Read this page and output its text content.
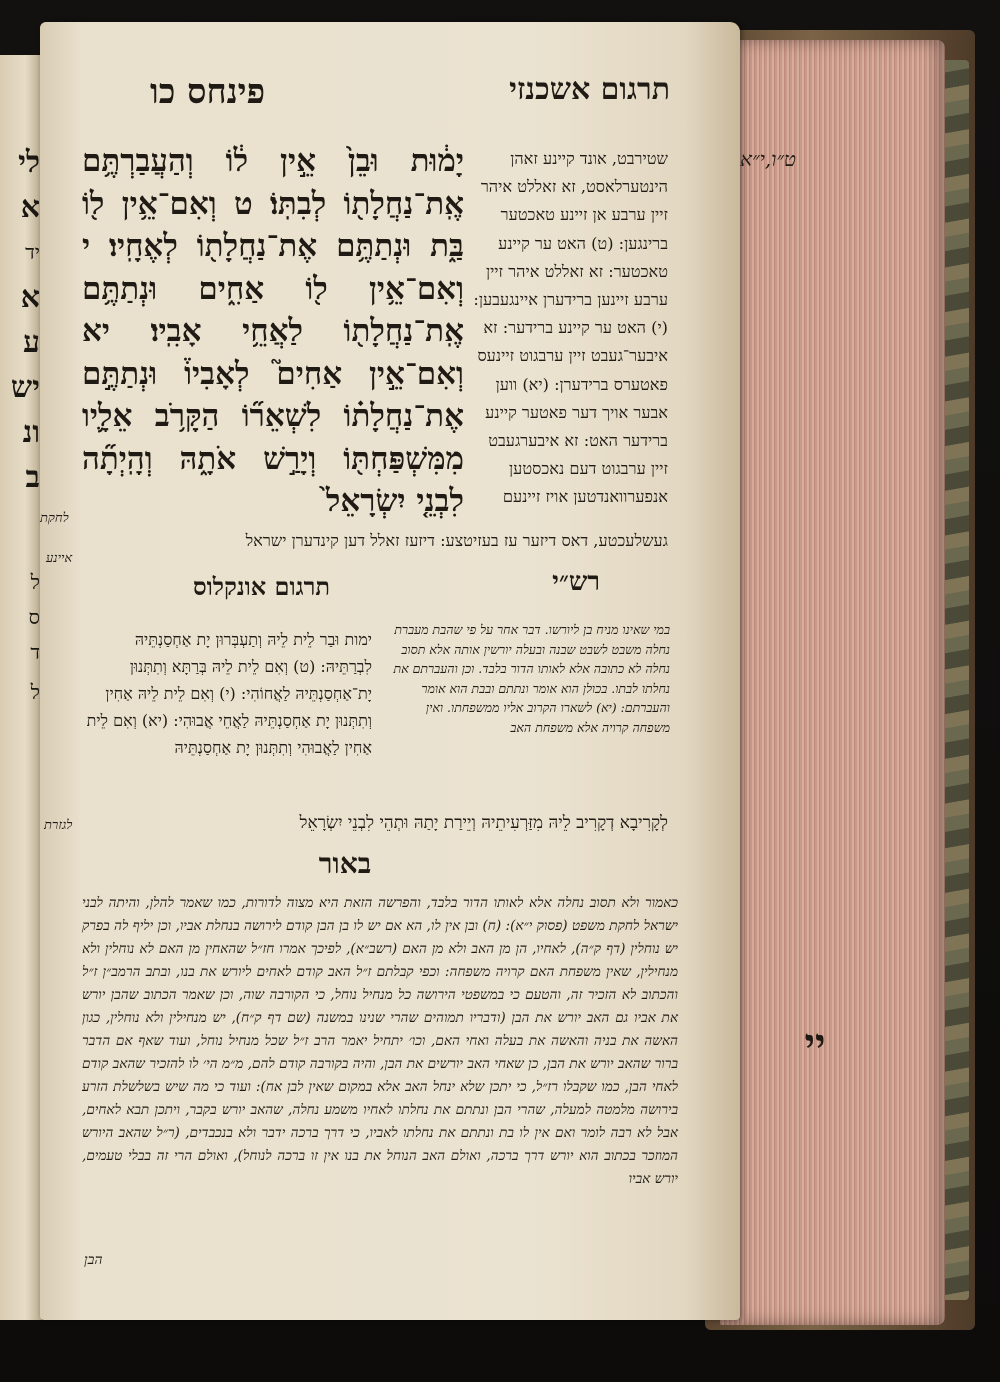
יי
לי
א
יד
א
ע
יש
ונ
ב
ל
ס
ד
ל
תרגום אשכנזי
פינחס כו
ט״ו,י״א
יָמ֔וּת וּבֵן֙ אֵ֣ין ל֔וֹ וְהַעֲבַרְתֶּ֥ם אֶֽת־נַחֲלָת֖וֹ לְבִתּֽוֹ׃ ט וְאִם־אֵ֥ין ל֖וֹ בַּ֑ת וּנְתַתֶּ֥ם אֶת־נַחֲלָת֖וֹ לְאֶחָֽיו׃ י וְאִם־אֵ֥ין ל֖וֹ אַחִ֑ים וּנְתַתֶּ֥ם אֶֽת־נַחֲלָת֖וֹ לַאֲחֵ֥י אָבִֽיו׃ יא וְאִם־אֵ֣ין אַחִים֮ לְאָבִיו֒ וּנְתַתֶּ֣ם אֶת־נַחֲלָת֗וֹ לִשְׁאֵר֞וֹ הַקָּרֹ֥ב אֵלָ֛יו מִמִּשְׁפַּחְתּ֖וֹ וְיָרַ֣שׁ אֹתָ֑הּ וְהָֽיְתָ֞ה לִבְנֵ֤י יִשְׂרָאֵל֙
שטירבט, אונד קיינע זאהן הינטערלאסט, זא זאללט איהר זיין ערבע אן זיינע טאכטער ברינגען: (ט) האט ער קיינע טאכטער: זא זאללט איהר זיין ערבע זיינען ברידערן איינגעבען: (י) האט ער קיינע ברידער: זא איבער־געבט זיין ערבגוט זיינעס פאטערס ברידערן: (יא) ווען אבער אויך דער פאטער קיינע ברידער האט: זא איבערגעבט זיין ערבגוט דעם נאכסטען אנפערוואנדטען אויז זיינעם
געשלעכטע, דאס דיזער עז בעזיטצע: דיזעז זאלל דען קינדערן ישראל
לחקת
איינע
רש״י
תרגום אונקלוס
במי שאינו מניח בן ליורשו. דבר אחר על פי שהבת מעברת נחלה משבט לשבט שבנה ובעלה יורשין אותה אלא תסוב נחלה לא כתובה אלא לאותו הדור בלבד. וכן והעברתם את נחלתו לבתו. בכולן הוא אומר ונתתם ובבת הוא אומר והעברתם: (יא) לשארו הקרוב אליו ממשפחתו. ואין משפחה קרויה אלא משפחת האב
ימות וּבַר לֵית לֵיהּ וְתַעְבְּרוּן יָת אַחְסַנְתֵּיהּ לִבְרַתֵּיהּ: (ט) וְאִם לֵית לֵיהּ בְּרַתָּא וְתִתְּנוּן יָת־אַחְסַנְתֵּיהּ לַאֲחוֹהִי: (י) וְאִם לֵית לֵיהּ אַחִין וְתִתְּנוּן יָת אַחְסַנְתֵּיהּ לַאֲחֵי אֲבוּהִי: (יא) וְאִם לֵית אַחִין לַאֲבוּהִי וְתִתְּנוּן יָת אַחְסַנְתֵּיהּ
לְקָרִיבָא דְקָרִיב לֵיהּ מִזַּרְעִיתֵיהּ וְיֵירַת יָתַהּ וּתְהֵי לִבְנֵי יִשְׂרָאֵל
לגזרת
באור
כאמור ולא תסוב נחלה אלא לאותו הדור בלבד, והפרשה הזאת היא מצוה לדורות, כמו שאמר להלן, והיתה לבני ישראל לחקת משפט (פסוק י״א): (ח) ובן אין לו, הא אם יש לו בן הבן קודם לירושה בנחלת אביו, וכן יליף לה בפרק יש נוחלין (דף ק״ה), לאחיו, הן מן האב ולא מן האם (רשב״א), לפיכך אמרו חז״ל שהאחין מן האם לא נוחלין ולא מנחילין, שאין משפחת האם קרויה משפחה: וכפי קבלתם ז״ל האב קודם לאחים ליורש את בנו, ובתב הרמב״ן ז״ל והכתוב לא הזכיר זה, והטעם כי במשפטי הירושה כל מנחיל נוחל, כי הקורבה שוה, וכן שאמר הכתוב שהבן יורש את אביו גם האב יורש את הבן (ודבריו תמוהים שהרי שנינו במשנה (שם דף ק״ח), יש מנחילין ולא נוחלין, כגון האשה את בניה והאשה את בעלה ואחי האם, וכו׳ יתחיל יאמר הרב ז״ל שכל מנחיל נוחל, ועוד שאף אם הדבר ברור שהאב יורש את הבן, כן שאחי האב יורשים את הבן, והיה בקורבה קודם להם, מ״מ הי׳ לו להזכיר שהאב קודם לאחי הבן, כמו שקבלו רז״ל, כי יתכן שלא ינחל האב אלא במקום שאין לבן אח): ועוד כי מה שיש בשלשלת הזרע בירושה מלמטה למעלה, שהרי הבן ונתתם את נחלתו לאחיו משמע נחלה, שהאב יורש בקבר, ויתכן תבא לאחים, אבל לא רבה לומר ואם אין לו בת ונתתם את נחלתו לאביו, כי דרך ברכה ידבר ולא בנכבדים, (ר״ל שהאב היורש המוזכר בכתוב הוא יורש דרך ברכה, ואולם האב הנוחל את בנו אין זו ברכה לנוחל), ואולם הרי זה בבלי טעמים, יורש אביו
הבן
